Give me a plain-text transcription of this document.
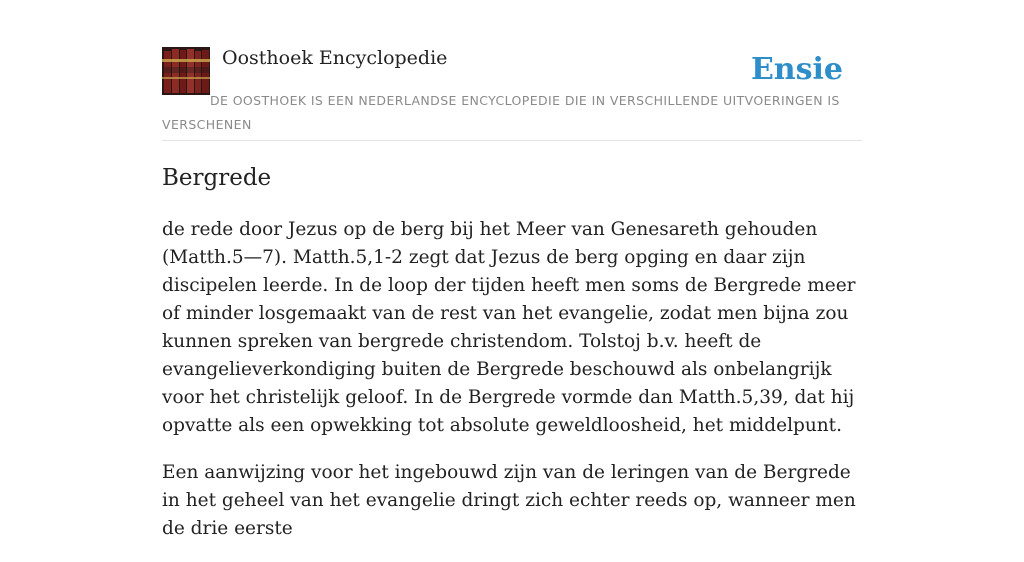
Oosthoek Encyclopedie	Ensie
DE OOSTHOEK IS EEN NEDERLANDSE ENCYCLOPEDIE DIE IN VERSCHILLENDE UITVOERINGEN IS VERSCHENEN
Bergrede

de rede door Jezus op de berg bij het Meer van Genesareth gehouden (Matth.5—7). Matth.5,1-2 zegt dat Jezus de berg opging en daar zijn discipelen leerde. In de loop der tijden heeft men soms de Bergrede meer of minder losgemaakt van de rest van het evangelie, zodat men bijna zou kunnen spreken van bergrede christendom. Tolstoj b.v. heeft de evangelieverkondiging buiten de Bergrede beschouwd als onbelangrijk voor het christelijk geloof. In de Bergrede vormde dan Matth.5,39, dat hij opvatte als een opwekking tot absolute geweldloosheid, het middelpunt.

Een aanwijzing voor het ingebouwd zijn van de leringen van de Bergrede in het geheel van het evangelie dringt zich echter reeds op, wanneer men de drie eerste
